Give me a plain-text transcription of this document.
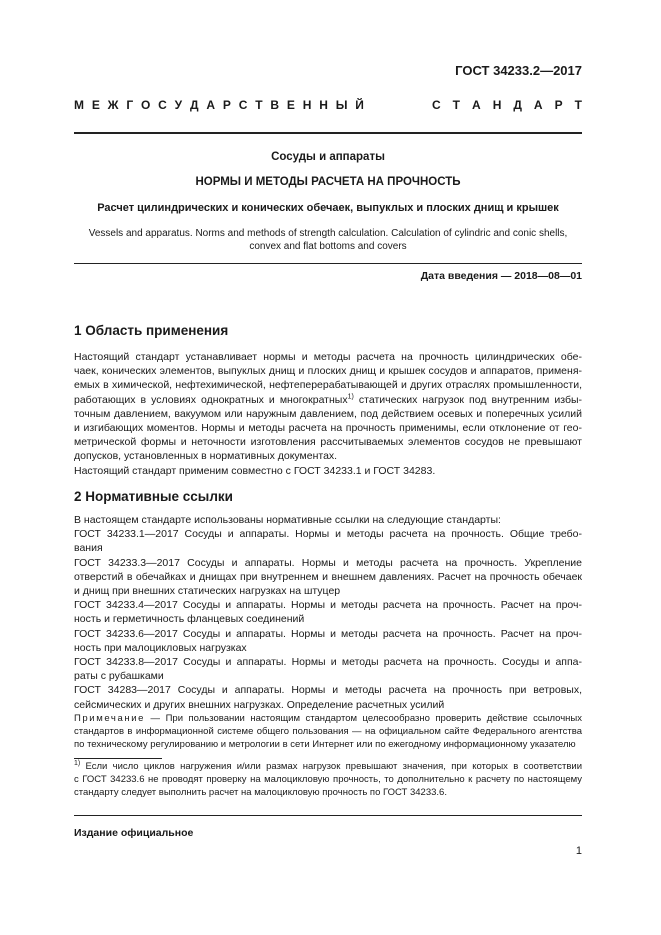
ГОСТ 34233.2—2017
М Е Ж Г О С У Д А Р С Т В Е Н Н Ы Й	С Т А Н Д А Р Т
Сосуды и аппараты
НОРМЫ И МЕТОДЫ РАСЧЕТА НА ПРОЧНОСТЬ
Расчет цилиндрических и конических обечаек, выпуклых и плоских днищ и крышек
Vessels and apparatus. Norms and methods of strength calculation. Calculation of cylindric and conic shells,
convex and flat bottoms and covers
Дата введения — 2018—08—01
1 Область применения
Настоящий стандарт устанавливает нормы и методы расчета на прочность цилиндрических обе-
чаек, конических элементов, выпуклых днищ и плоских днищ и крышек сосудов и аппаратов, применя-
емых в химической, нефтехимической, нефтеперерабатывающей и других отраслях промышленности,
работающих в условиях однократных и многократных$^{1)}$ статических нагрузок под внутренним избы-
точным давлением, вакуумом или наружным давлением, под действием осевых и поперечных усилий
и изгибающих моментов. Нормы и методы расчета на прочность применимы, если отклонение от гео-
метрической формы и неточности изготовления рассчитываемых элементов сосудов не превышают
допусков, установленных в нормативных документах.
Настоящий стандарт применим совместно с ГОСТ 34233.1 и ГОСТ 34283.
2 Нормативные ссылки
В настоящем стандарте использованы нормативные ссылки на следующие стандарты:
ГОСТ 34233.1—2017 Сосуды и аппараты. Нормы и методы расчета на прочность. Общие требо-
вания
ГОСТ 34233.3—2017 Сосуды и аппараты. Нормы и методы расчета на прочность. Укрепление
отверстий в обечайках и днищах при внутреннем и внешнем давлениях. Расчет на прочность обечаек
и днищ при внешних статических нагрузках на штуцер
ГОСТ 34233.4—2017 Сосуды и аппараты. Нормы и методы расчета на прочность. Расчет на проч-
ность и герметичность фланцевых соединений
ГОСТ 34233.6—2017 Сосуды и аппараты. Нормы и методы расчета на прочность. Расчет на проч-
ность при малоцикловых нагрузках
ГОСТ 34233.8—2017 Сосуды и аппараты. Нормы и методы расчета на прочность. Сосуды и аппа-
раты с рубашками
ГОСТ 34283—2017 Сосуды и аппараты. Нормы и методы расчета на прочность при ветровых,
сейсмических и других внешних нагрузках. Определение расчетных усилий
Примечание — При пользовании настоящим стандартом целесообразно проверить действие ссылочных
стандартов в информационной системе общего пользования — на официальном сайте Федерального агентства
по техническому регулированию и метрологии в сети Интернет или по ежегодному информационному указателю
$^{1)}$ Если число циклов нагружения и/или размах нагрузок превышают значения, при которых в соответствии
с ГОСТ 34233.6 не проводят проверку на малоцикловую прочность, то дополнительно к расчету по настоящему
стандарту следует выполнить расчет на малоцикловую прочность по ГОСТ 34233.6.
Издание официальное
1
